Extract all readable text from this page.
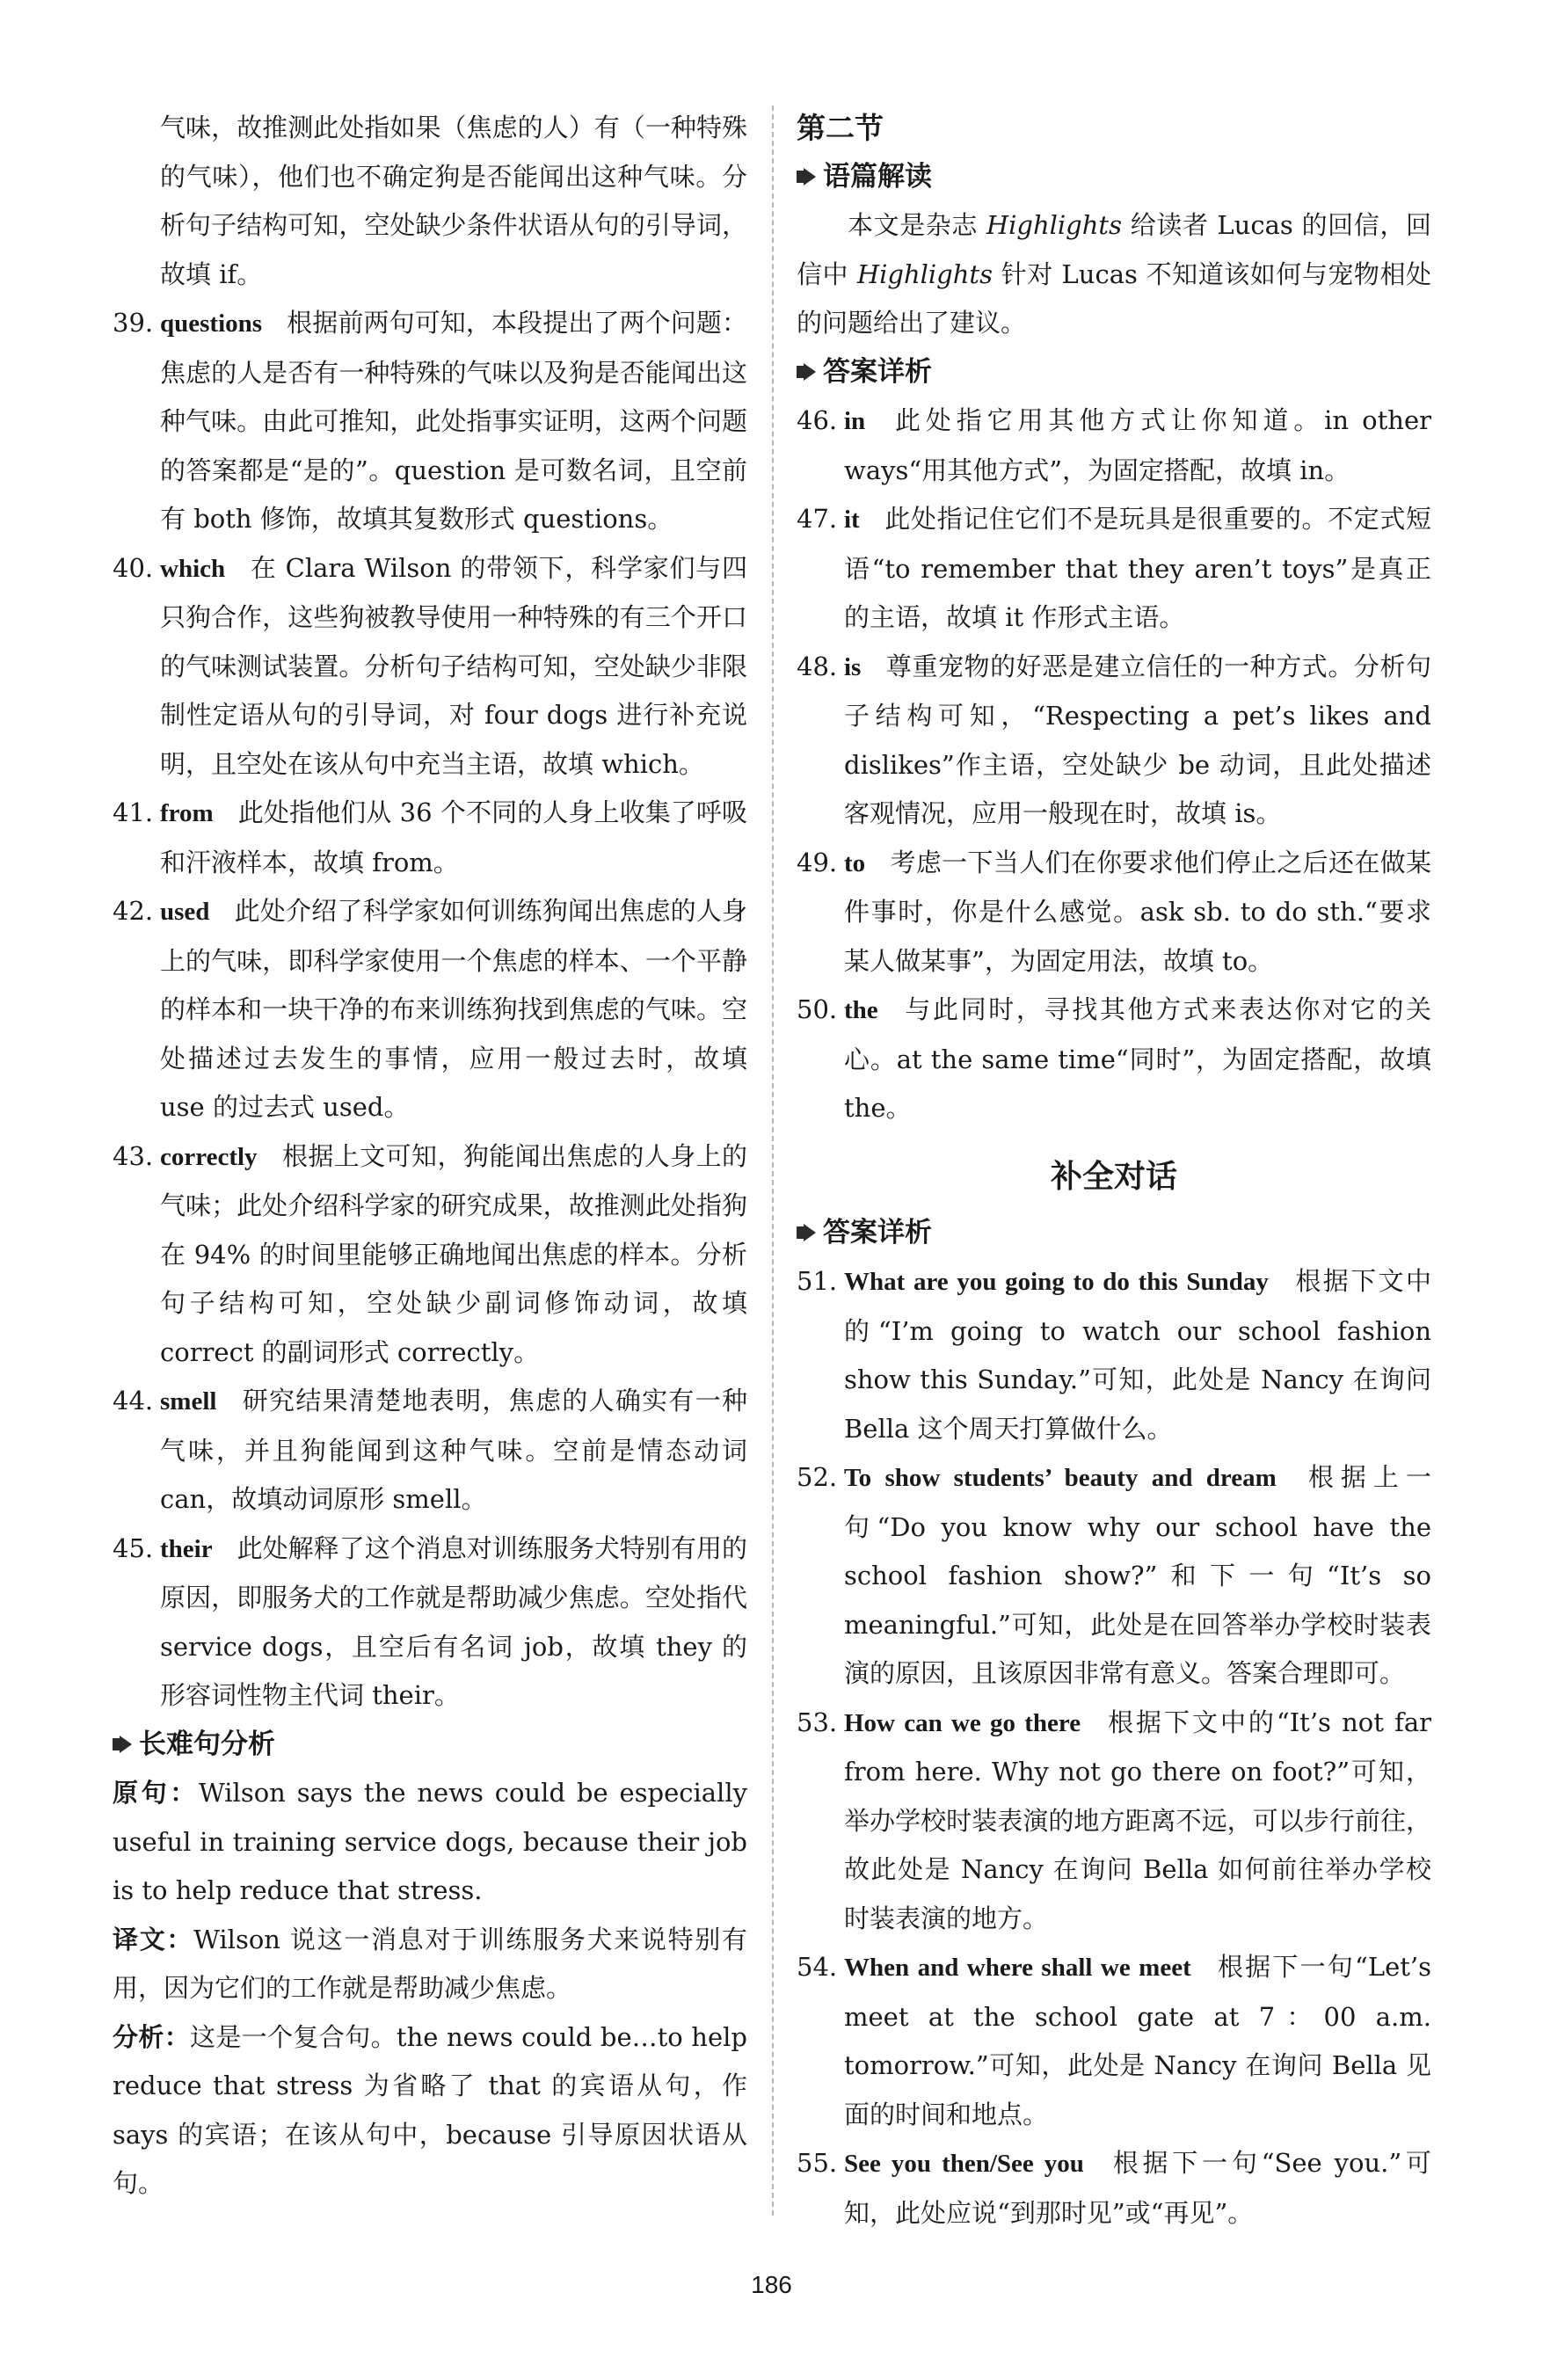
气味，故推测此处指如果（焦虑的人）有（一种特殊的气味），他们也不确定狗是否能闻出这种气味。分析句子结构可知，空处缺少条件状语从句的引导词，故填 if。

39. questions 根据前两句可知，本段提出了两个问题：焦虑的人是否有一种特殊的气味以及狗是否能闻出这种气味。由此可推知，此处指事实证明，这两个问题的答案都是“是的”。question 是可数名词，且空前有 both 修饰，故填其复数形式 questions。
40. which 在 Clara Wilson 的带领下，科学家们与四只狗合作，这些狗被教导使用一种特殊的有三个开口的气味测试装置。分析句子结构可知，空处缺少非限制性定语从句的引导词，对 four dogs 进行补充说明，且空处在该从句中充当主语，故填 which。
41. from 此处指他们从 36 个不同的人身上收集了呼吸和汗液样本，故填 from。
42. used 此处介绍了科学家如何训练狗闻出焦虑的人身上的气味，即科学家使用一个焦虑的样本、一个平静的样本和一块干净的布来训练狗找到焦虑的气味。空处描述过去发生的事情，应用一般过去时，故填 use 的过去式 used。
43. correctly 根据上文可知，狗能闻出焦虑的人身上的气味；此处介绍科学家的研究成果，故推测此处指狗在 94% 的时间里能够正确地闻出焦虑的样本。分析句子结构可知，空处缺少副词修饰动词，故填 correct 的副词形式 correctly。
44. smell 研究结果清楚地表明，焦虑的人确实有一种气味，并且狗能闻到这种气味。空前是情态动词 can，故填动词原形 smell。
45. their 此处解释了这个消息对训练服务犬特别有用的原因，即服务犬的工作就是帮助减少焦虑。空处指代 service dogs，且空后有名词 job，故填 they 的形容词性物主代词 their。

长难句分析

原句：Wilson says the news could be especially useful in training service dogs, because their job is to help reduce that stress.

译文：Wilson 说这一消息对于训练服务犬来说特别有用，因为它们的工作就是帮助减少焦虑。

分析：这是一个复合句。the news could be…to help reduce that stress 为省略了 that 的宾语从句，作 says 的宾语；在该从句中，because 引导原因状语从句。

第二节

语篇解读

本文是杂志 Highlights 给读者 Lucas 的回信，回信中 Highlights 针对 Lucas 不知道该如何与宠物相处的问题给出了建议。

答案详析

46. in 此处指它用其他方式让你知道。in other ways“用其他方式”，为固定搭配，故填 in。
47. it 此处指记住它们不是玩具是很重要的。不定式短语“to remember that they aren’t toys”是真正的主语，故填 it 作形式主语。
48. is 尊重宠物的好恶是建立信任的一种方式。分析句子结构可知，“Respecting a pet’s likes and dislikes”作主语，空处缺少 be 动词，且此处描述客观情况，应用一般现在时，故填 is。
49. to 考虑一下当人们在你要求他们停止之后还在做某件事时，你是什么感觉。ask sb. to do sth.“要求某人做某事”，为固定用法，故填 to。
50. the 与此同时，寻找其他方式来表达你对它的关心。at the same time“同时”，为固定搭配，故填 the。

补全对话

答案详析

51. What are you going to do this Sunday 根据下文中的“I’m going to watch our school fashion show this Sunday.”可知，此处是 Nancy 在询问 Bella 这个周天打算做什么。
52. To show students’ beauty and dream 根据上一句“Do you know why our school have the school fashion show?”和下一句“It’s so meaningful.”可知，此处是在回答举办学校时装表演的原因，且该原因非常有意义。答案合理即可。
53. How can we go there 根据下文中的“It’s not far from here. Why not go there on foot?”可知，举办学校时装表演的地方距离不远，可以步行前往，故此处是 Nancy 在询问 Bella 如何前往举办学校时装表演的地方。
54. When and where shall we meet 根据下一句“Let’s meet at the school gate at 7：00 a.m. tomorrow.”可知，此处是 Nancy 在询问 Bella 见面的时间和地点。
55. See you then/See you 根据下一句“See you.”可知，此处应说“到那时见”或“再见”。
186
